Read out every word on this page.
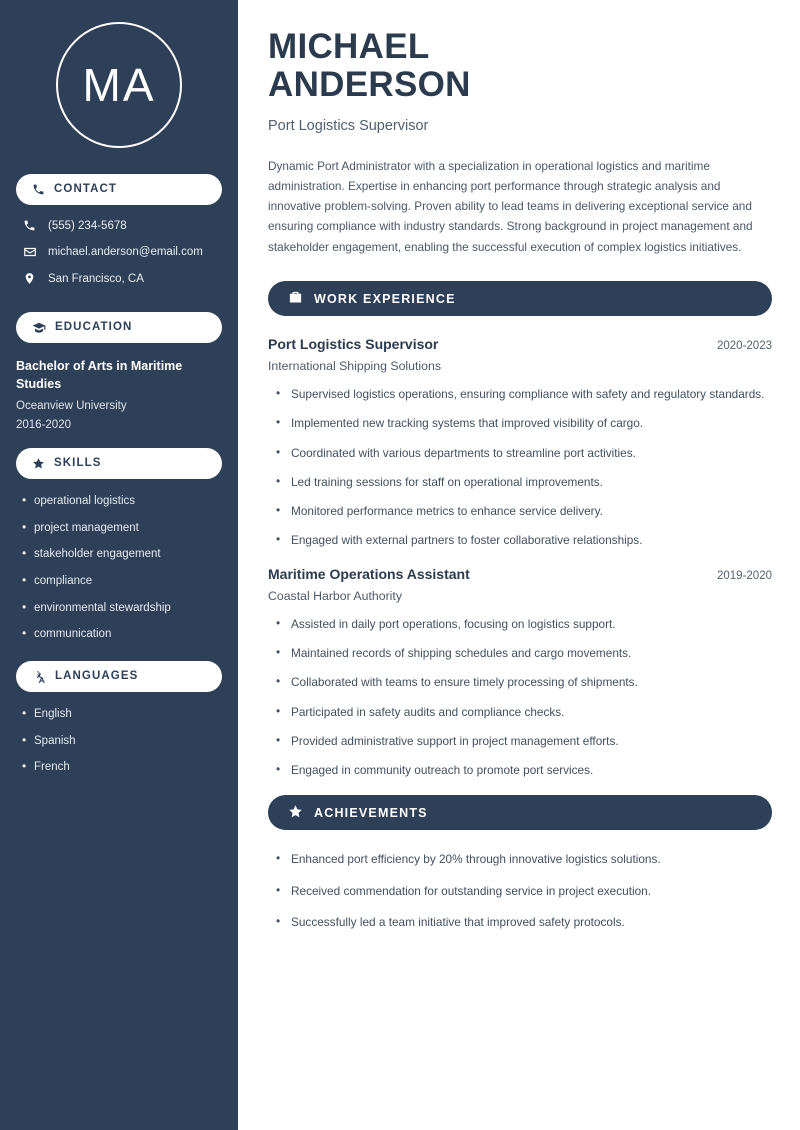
MA
CONTACT
(555) 234-5678
michael.anderson@email.com
San Francisco, CA
EDUCATION
Bachelor of Arts in Maritime Studies
Oceanview University
2016-2020
SKILLS
• operational logistics
• project management
• stakeholder engagement
• compliance
• environmental stewardship
• communication
LANGUAGES
• English
• Spanish
• French
MICHAEL
ANDERSON
Port Logistics Supervisor
Dynamic Port Administrator with a specialization in operational logistics and maritime administration. Expertise in enhancing port performance through strategic analysis and innovative problem-solving. Proven ability to lead teams in delivering exceptional service and ensuring compliance with industry standards. Strong background in project management and stakeholder engagement, enabling the successful execution of complex logistics initiatives.
WORK EXPERIENCE
Port Logistics Supervisor	2020-2023
International Shipping Solutions
• Supervised logistics operations, ensuring compliance with safety and regulatory standards.
• Implemented new tracking systems that improved visibility of cargo.
• Coordinated with various departments to streamline port activities.
• Led training sessions for staff on operational improvements.
• Monitored performance metrics to enhance service delivery.
• Engaged with external partners to foster collaborative relationships.
Maritime Operations Assistant	2019-2020
Coastal Harbor Authority
• Assisted in daily port operations, focusing on logistics support.
• Maintained records of shipping schedules and cargo movements.
• Collaborated with teams to ensure timely processing of shipments.
• Participated in safety audits and compliance checks.
• Provided administrative support in project management efforts.
• Engaged in community outreach to promote port services.
ACHIEVEMENTS
• Enhanced port efficiency by 20% through innovative logistics solutions.
• Received commendation for outstanding service in project execution.
• Successfully led a team initiative that improved safety protocols.
